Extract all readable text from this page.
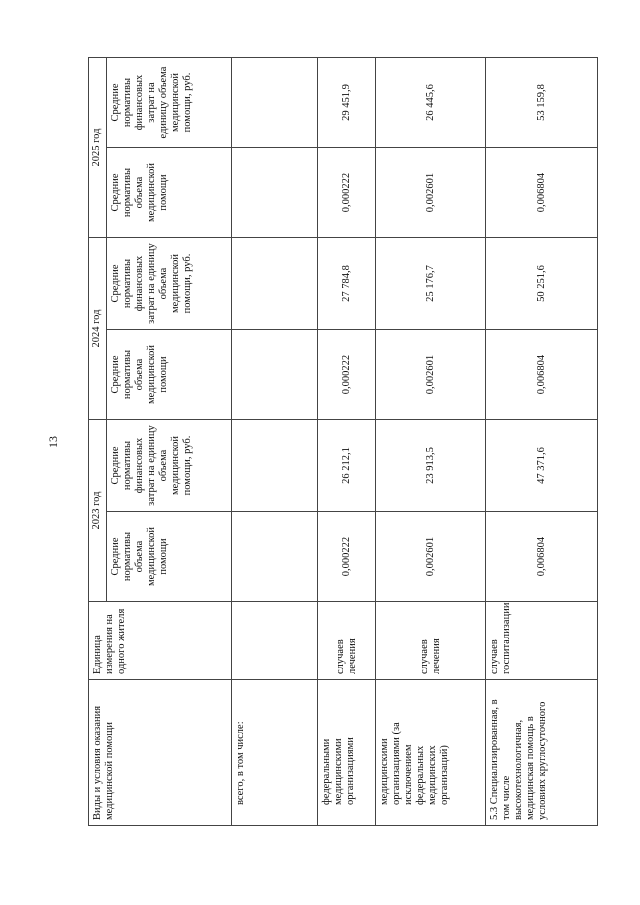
13
Виды и условия оказания медицинской помощи	Единица измерения на одного жителя	2023 год		2024 год		2025 год	
		Средние нормативы объема медицинской помощи	Средние нормативы финансовых затрат на единицу объема медицинской помощи, руб.	Средние нормативы объема медицинской помощи	Средние нормативы финансовых затрат на единицу объема медицинской помощи, руб.	Средние нормативы объема медицинской помощи	Средние нормативы финансовых затрат на единицу объема медицинской помощи, руб.
всего, в том числе:							
федеральными медицинскими организациями	случаев лечения	0,000222	26 212,1	0,000222	27 784,8	0,000222	29 451,9
медицинскими организациями (за исключением федеральных медицинских организаций)	случаев лечения	0,002601	23 913,5	0,002601	25 176,7	0,002601	26 445,6
5.3 Специализированная, в том числе высокотехнологичная, медицинская помощь в условиях круглосуточного	случаев госпитализации	0,006804	47 371,6	0,006804	50 251,6	0,006804	53 159,8
